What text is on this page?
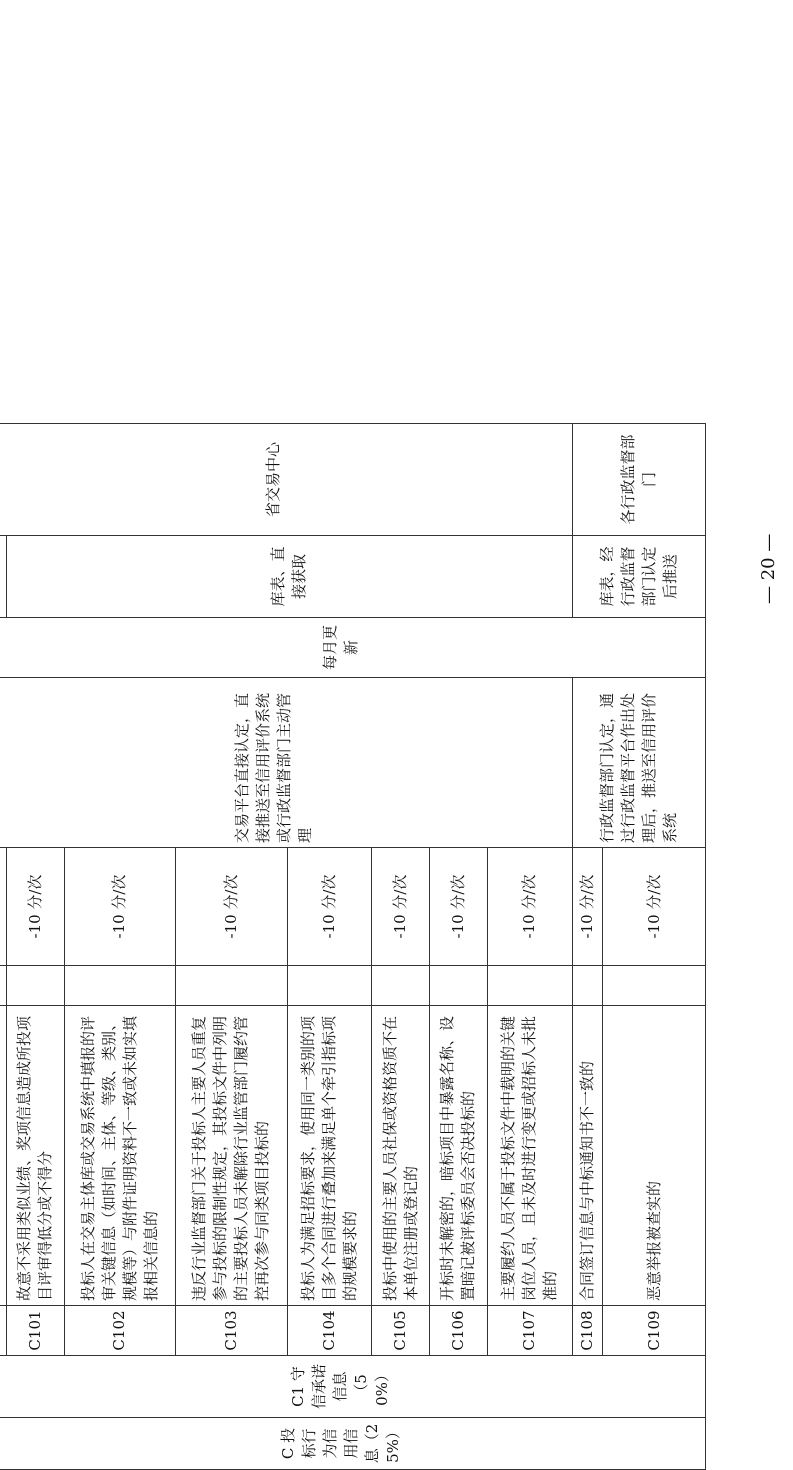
C 投标行为信用信息（25%）	C1 守信承诺信息（50%）					交易平台直接认定，直接推送至信用评价系统或行政监督部门主动管理	每月更新		省交易中心
		C101	故意不采用类似业绩、奖项信息造成所投项目评审得低分或不得分		-10 分/次			库表、直接获取	
		C102	投标人在交易主体库或交易系统中填报的评审关键信息（如时间、主体、等级、类别、规模等）与附件证明资料不一致或未如实填报相关信息的		-10 分/次				
		C103	违反行业监督部门关于投标人主要人员重复参与投标的限制性规定，其投标文件中列明的主要投标人员未解除行业监管部门履约管控再次参与同类项目投标的		-10 分/次				
		C104	投标人为满足招标要求，使用同一类别的项目多个合同进行叠加来满足单个牵引指标项的规模要求的		-10 分/次				
		C105	投标中使用的主要人员社保或资格资质不在本单位注册或登记的		-10 分/次				
		C106	开标时未解密的，暗标项目中暴露名称、设置暗记被评标委员会否决投标的		-10 分/次				
		C107	主要履约人员不属于投标文件中载明的关键岗位人员，且未及时进行变更或招标人未批准的		-10 分/次				
		C108	合同签订信息与中标通知书不一致的		-10 分/次	行政监督部门认定，通过行政监督平台作出处理后，推送至信用评价系统		库表，经行政监督部门认定后推送	各行政监督部门
		C109	恶意举报被查实的		-10 分/次				
— 20 —
